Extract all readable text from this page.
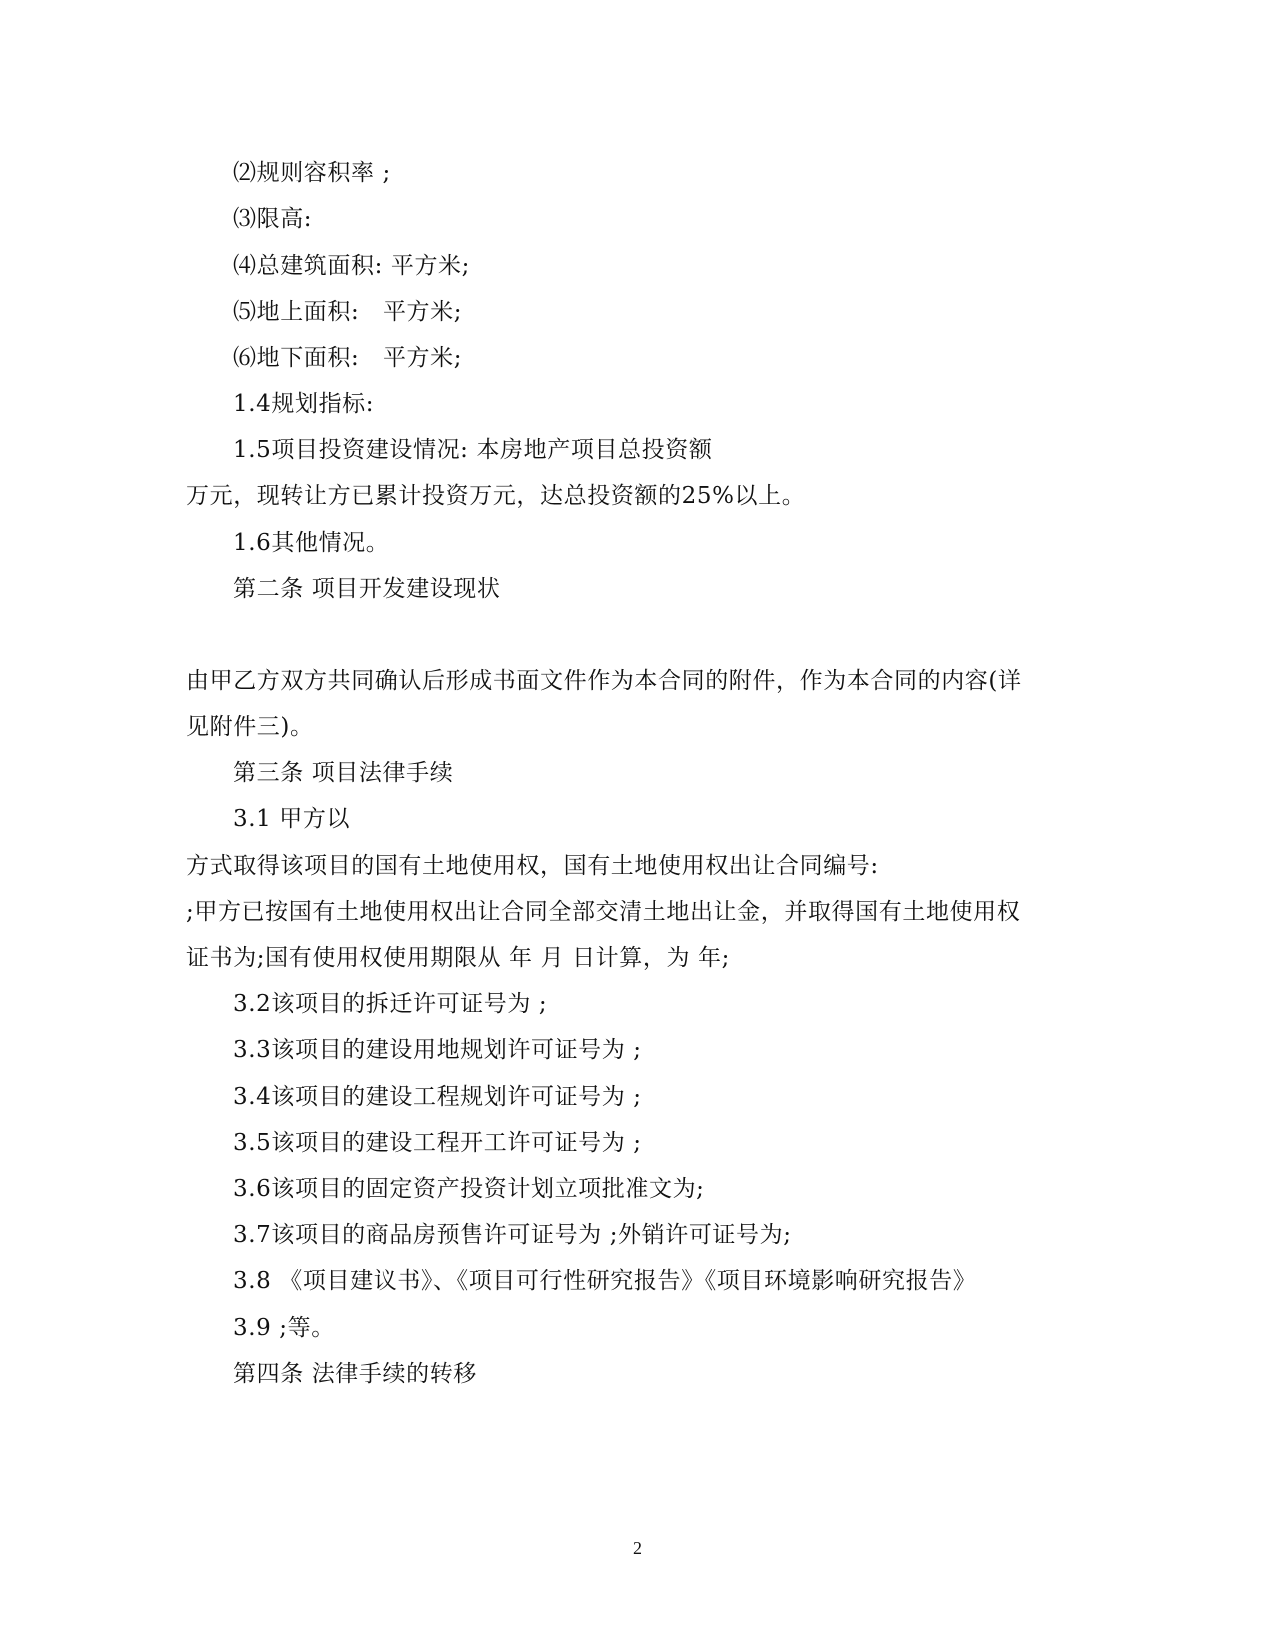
⑵规则容积率 ;
⑶限高:
⑷总建筑面积: 平方米;
⑸地上面积:　平方米;
⑹地下面积:　平方米;
1.4规划指标:
1.5项目投资建设情况: 本房地产项目总投资额
万元，现转让方已累计投资万元，达总投资额的25%以上。
1.6其他情况。
第二条 项目开发建设现状
由甲乙方双方共同确认后形成书面文件作为本合同的附件，作为本合同的内容(详
见附件三)。
第三条 项目法律手续
3.1 甲方以
方式取得该项目的国有土地使用权，国有土地使用权出让合同编号:
;甲方已按国有土地使用权出让合同全部交清土地出让金，并取得国有土地使用权
证书为;国有使用权使用期限从 年 月 日计算，为 年;
3.2该项目的拆迁许可证号为 ;
3.3该项目的建设用地规划许可证号为 ;
3.4该项目的建设工程规划许可证号为 ;
3.5该项目的建设工程开工许可证号为 ;
3.6该项目的固定资产投资计划立项批准文为;
3.7该项目的商品房预售许可证号为 ;外销许可证号为;
3.8 《项目建议书》、《项目可行性研究报告》《项目环境影响研究报告》
3.9 ;等。
第四条 法律手续的转移
2
